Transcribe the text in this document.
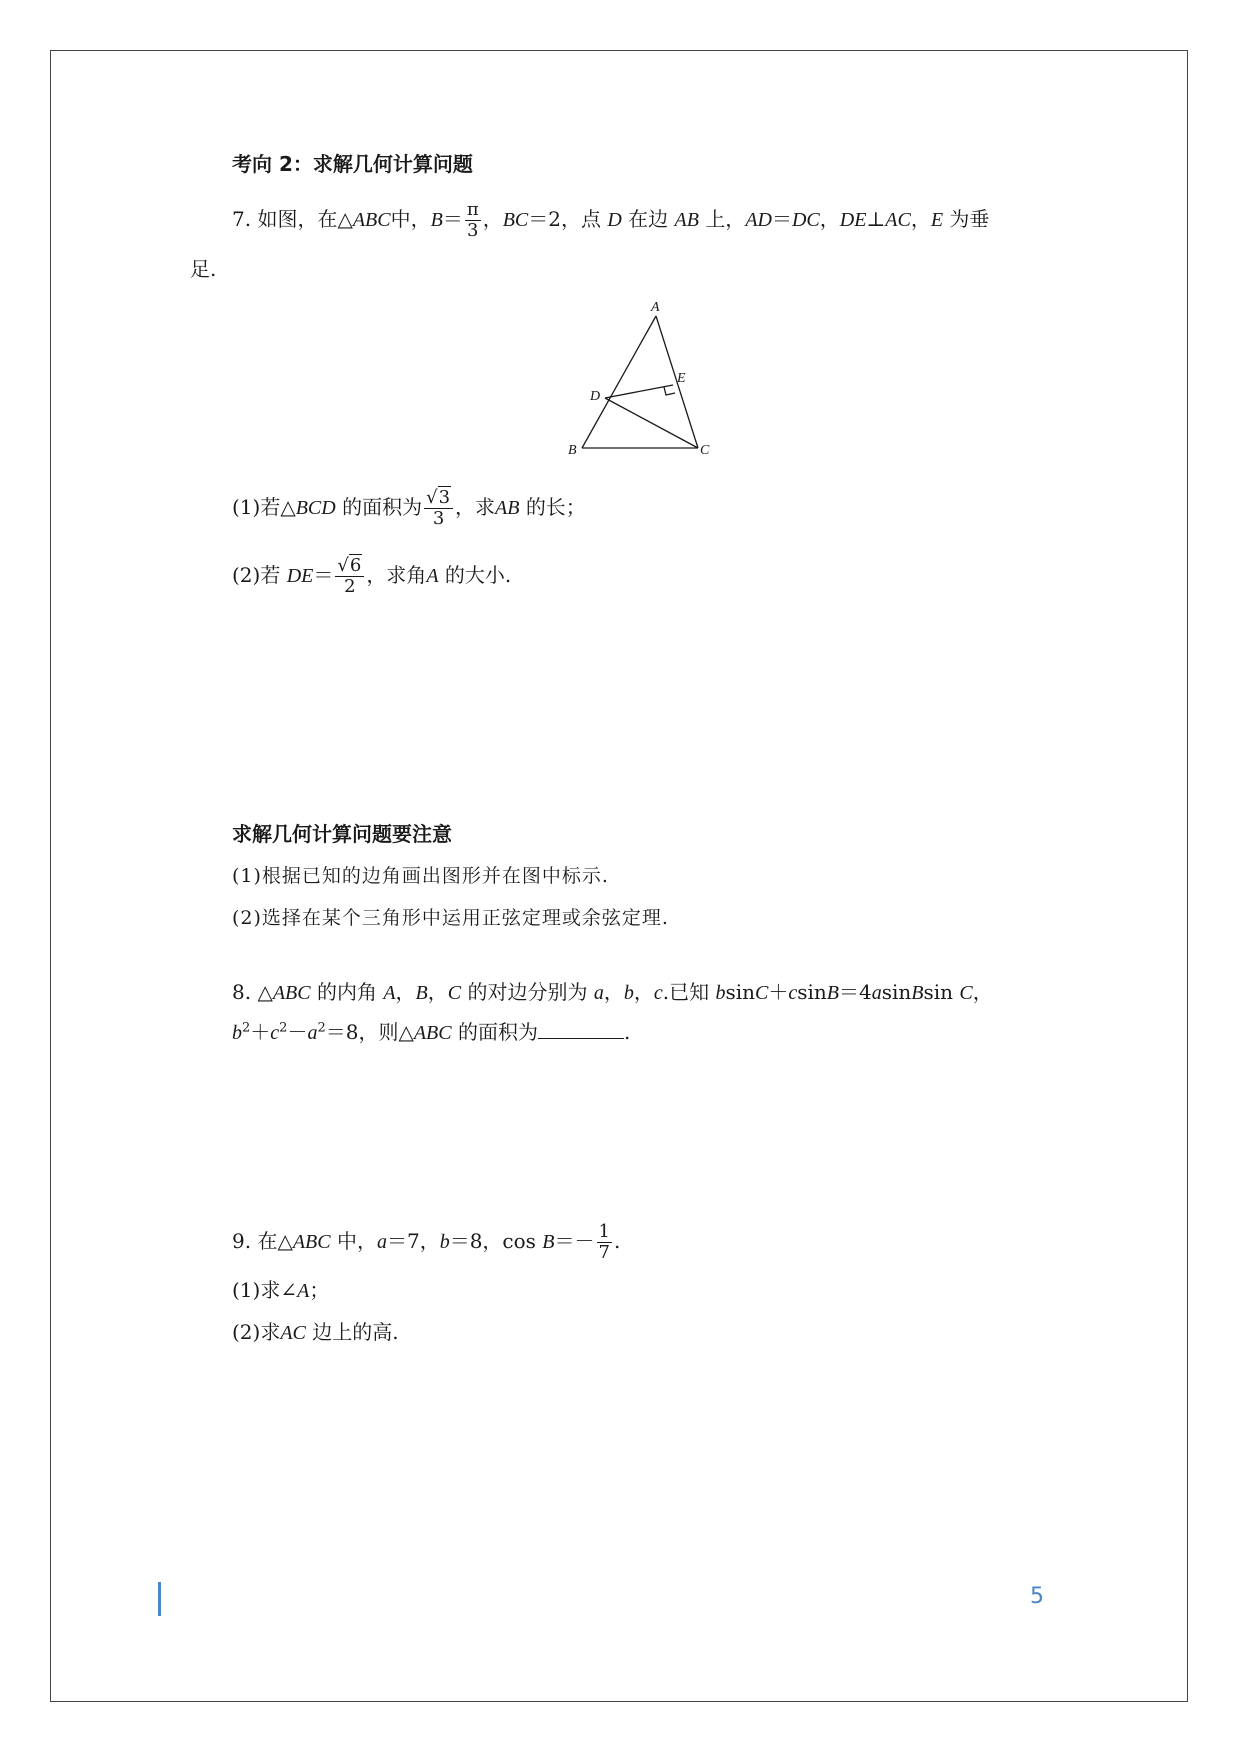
考向 2：求解几何计算问题
7. 如图，在△ABC中，$B= \frac{\pi}{3}$ ，BC＝2，点 D 在边 AB 上，AD＝DC，DE⊥AC，E 为垂
足.
A
B	C
D
E
(1)若△BCD 的面积为 $\frac{√3}{3}$ ，求AB 的长；
(2)若 $DE= \frac{√6}{2}$ ，求角A 的大小.
求解几何计算问题要注意
(1)根据已知的边角画出图形并在图中标示.
(2)选择在某个三角形中运用正弦定理或余弦定理.
8. △ABC 的内角 A，B，C 的对边分别为 a，b，c.已知 bsinC＋csinB＝4asinBsin C，
$b^2+c^2-a^2=8$，则△ABC 的面积为	.
9. 在△ABC 中，a＝7，b＝8，$\cos B=- \frac{1}{7}$ .
(1)求∠A；
(2)求AC 边上的高.
5
